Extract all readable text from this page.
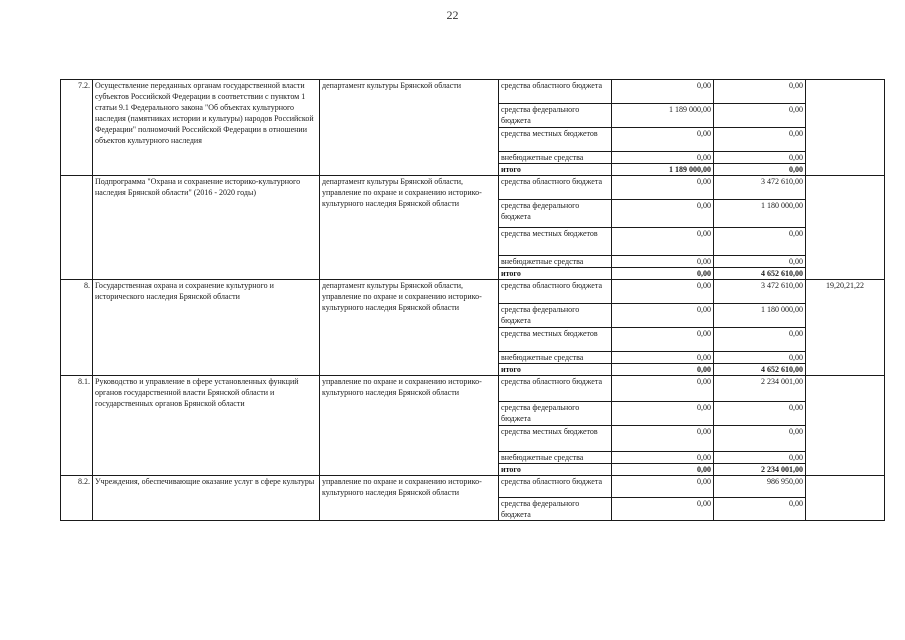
22
7.2.	Осуществление переданных органам государственной власти субъектов Российской Федерации в соответствии с пунктом 1 статьи 9.1 Федерального закона "Об объектах культурного наследия (памятниках истории и культуры) народов Российской Федерации" полномочий Российской Федерации в отношении объектов культурного наследия	департамент культуры Брянской области	средства областного бюджета	0,00	0,00	
			средства федерального бюджета	1 189 000,00	0,00	
			средства местных бюджетов	0,00	0,00	
			внебюджетные средства	0,00	0,00	
			итого	1 189 000,00	0,00	
	Подпрограмма "Охрана и сохранение историко-культурного наследия Брянской области" (2016 - 2020 годы)	департамент культуры Брянской области, управление по охране и сохранению историко-культурного наследия Брянской области	средства областного бюджета	0,00	3 472 610,00	
			средства федерального бюджета	0,00	1 180 000,00	
			средства местных бюджетов	0,00	0,00	
			внебюджетные средства	0,00	0,00	
			итого	0,00	4 652 610,00	
8.	Государственная охрана и сохранение культурного и исторического наследия Брянской области	департамент культуры Брянской области, управление по охране и сохранению историко-культурного наследия Брянской области	средства областного бюджета	0,00	3 472 610,00	19,20,21,22
			средства федерального бюджета	0,00	1 180 000,00	
			средства местных бюджетов	0,00	0,00	
			внебюджетные средства	0,00	0,00	
			итого	0,00	4 652 610,00	
8.1.	Руководство и управление в сфере установленных функций органов государственной власти Брянской области и государственных органов Брянской области	управление по охране и сохранению историко-культурного наследия Брянской области	средства областного бюджета	0,00	2 234 001,00	
			средства федерального бюджета	0,00	0,00	
			средства местных бюджетов	0,00	0,00	
			внебюджетные средства	0,00	0,00	
			итого	0,00	2 234 001,00	
8.2.	Учреждения, обеспечивающие оказание услуг в сфере культуры	управление по охране и сохранению историко-культурного наследия Брянской области	средства областного бюджета	0,00	986 950,00	
			средства федерального бюджета	0,00	0,00	
